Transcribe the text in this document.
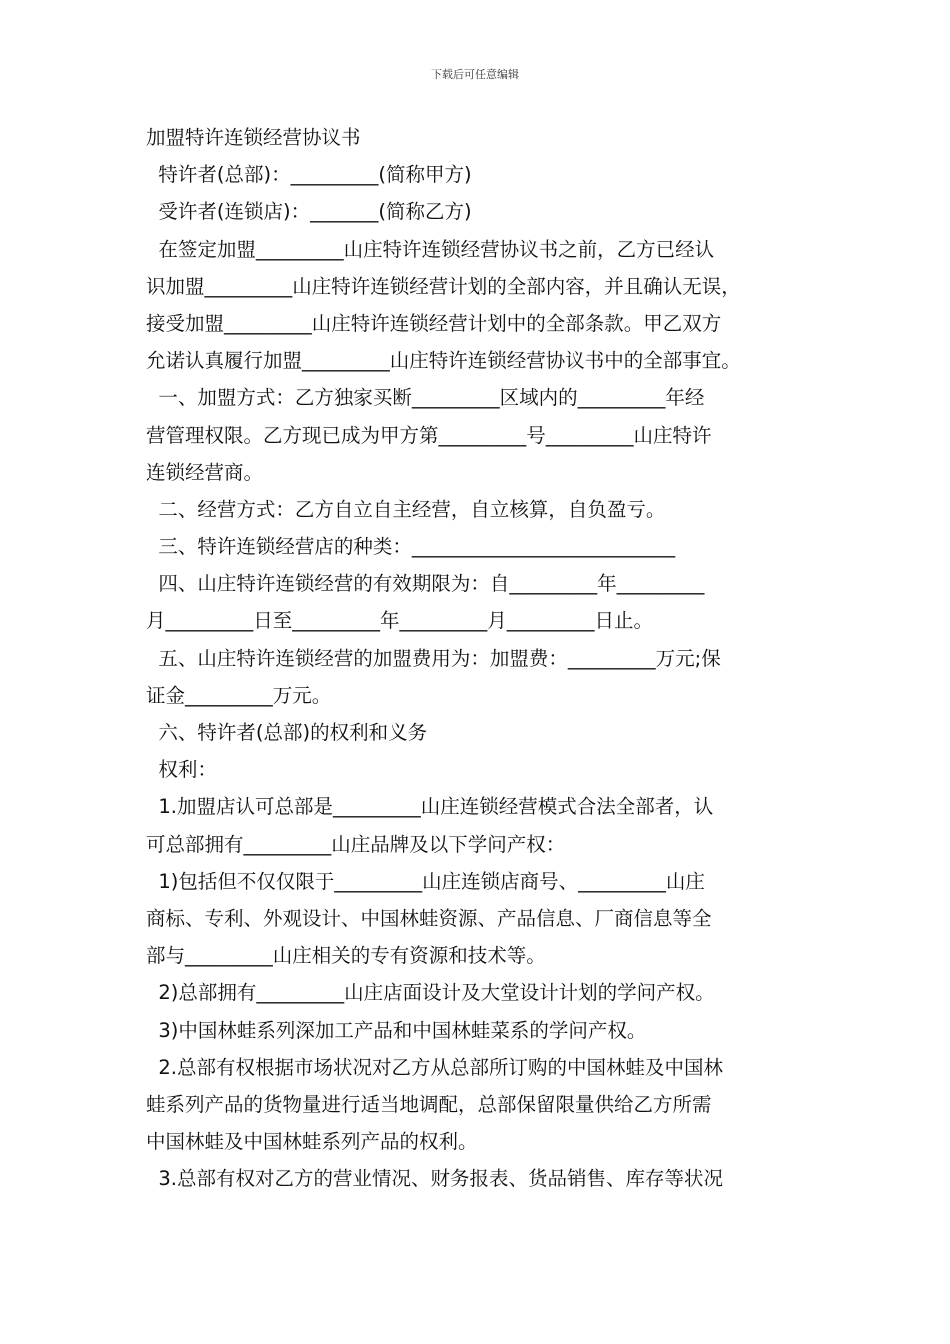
下载后可任意编辑
加盟特许连锁经营协议书
特许者(总部)：_________(简称甲方)
受许者(连锁店)：_______(简称乙方)
在签定加盟_________山庄特许连锁经营协议书之前，乙方已经认
识加盟_________山庄特许连锁经营计划的全部内容，并且确认无误，
接受加盟_________山庄特许连锁经营计划中的全部条款。甲乙双方
允诺认真履行加盟_________山庄特许连锁经营协议书中的全部事宜。
一、加盟方式：乙方独家买断_________区域内的_________年经
营管理权限。乙方现已成为甲方第_________号_________山庄特许
连锁经营商。
二、经营方式：乙方自立自主经营，自立核算，自负盈亏。
三、特许连锁经营店的种类：___________________________
四、山庄特许连锁经营的有效期限为：自_________年_________
月_________日至_________年_________月_________日止。
五、山庄特许连锁经营的加盟费用为：加盟费：_________万元;保
证金_________万元。
六、特许者(总部)的权利和义务
权利：
1.加盟店认可总部是_________山庄连锁经营模式合法全部者，认
可总部拥有_________山庄品牌及以下学问产权：
1)包括但不仅仅限于_________山庄连锁店商号、_________山庄
商标、专利、外观设计、中国林蛙资源、产品信息、厂商信息等全
部与_________山庄相关的专有资源和技术等。
2)总部拥有_________山庄店面设计及大堂设计计划的学问产权。
3)中国林蛙系列深加工产品和中国林蛙菜系的学问产权。
2.总部有权根据市场状况对乙方从总部所订购的中国林蛙及中国林
蛙系列产品的货物量进行适当地调配，总部保留限量供给乙方所需
中国林蛙及中国林蛙系列产品的权利。
3.总部有权对乙方的营业情况、财务报表、货品销售、库存等状况
